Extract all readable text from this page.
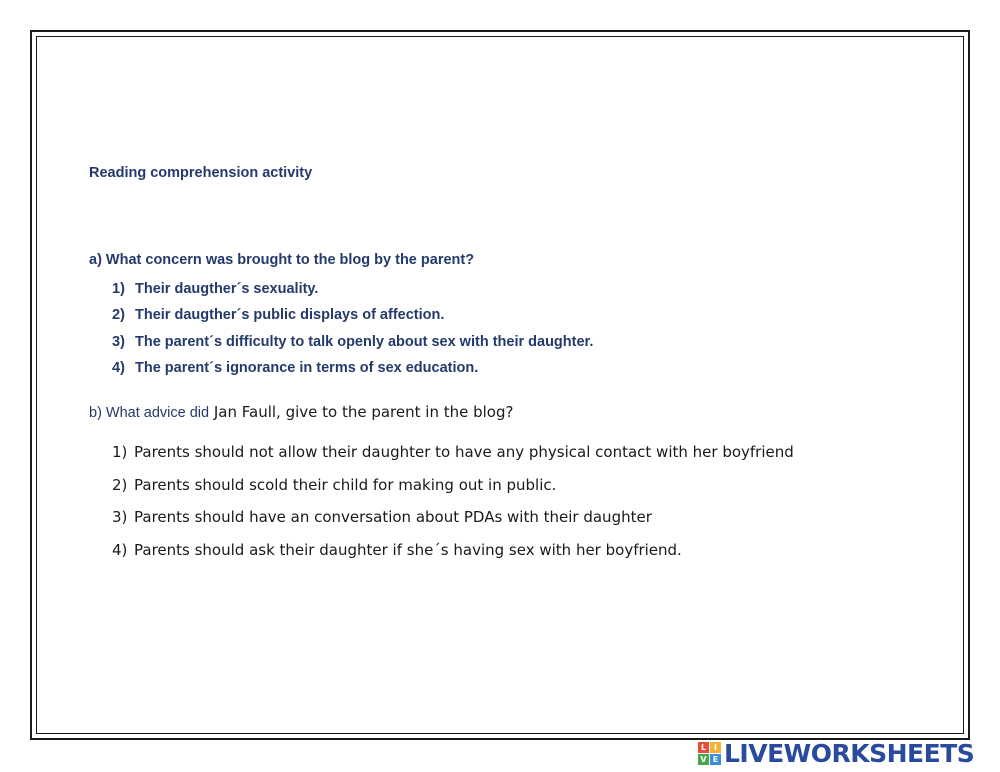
Reading comprehension activity
a) What concern was brought to the blog by the parent?
1) Their daugther´s sexuality.
2) Their daugther´s public displays of affection.
3) The parent´s difficulty to talk openly about sex with their daughter.
4) The parent´s ignorance in terms of sex education.
b) What advice did Jan Faull, give to the parent in the blog?
1) Parents should not allow their daughter to have any physical contact with her boyfriend
2) Parents should scold their child for making out in public.
3) Parents should have an conversation about PDAs with their daughter
4) Parents should ask their daughter if she´s having sex with her boyfriend.
L I
V E LIVEWORKSHEETS
